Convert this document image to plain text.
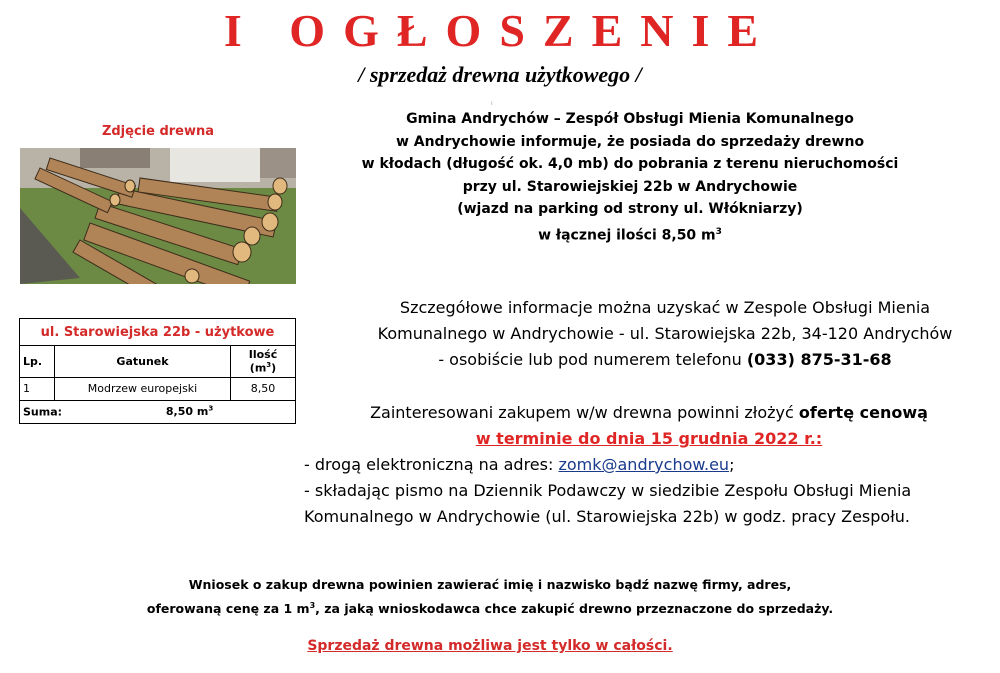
I OGŁOSZENIE
/ sprzedaż drewna użytkowego /
ı
Gmina Andrychów – Zespół Obsługi Mienia Komunalnego
w Andrychowie informuje, że posiada do sprzedaży drewno
w kłodach (długość ok. 4,0 mb) do pobrania z terenu nieruchomości
przy ul. Starowiejskiej 22b w Andrychowie
(wjazd na parking od strony ul. Włókniarzy)
w łącznej ilości 8,50 $m^3$
Zdjęcie drewna
ul. Starowiejska 22b - użytkowe		
Lp.	Gatunek	Ilość $(m^3)$
1	Modrzew europejski	8,50
Suma: 8,50 $m^3$
Szczegółowe informacje można uzyskać w Zespole Obsługi Mienia
Komunalnego w Andrychowie - ul. Starowiejska 22b, 34-120 Andrychów
- osobiście lub pod numerem telefonu (033) 875-31-68
Zainteresowani zakupem w/w drewna powinni złożyć ofertę cenową
w terminie do dnia 15 grudnia 2022 r.:
- drogą elektroniczną na adres: zomk@andrychow.eu;
- składając pismo na Dziennik Podawczy w siedzibie Zespołu Obsługi Mienia
Komunalnego w Andrychowie (ul. Starowiejska 22b) w godz. pracy Zespołu.
Wniosek o zakup drewna powinien zawierać imię i nazwisko bądź nazwę firmy, adres,
oferowaną cenę za 1 $m^3$, za jaką wnioskodawca chce zakupić drewno przeznaczone do sprzedaży.
Sprzedaż drewna możliwa jest tylko w całości.
